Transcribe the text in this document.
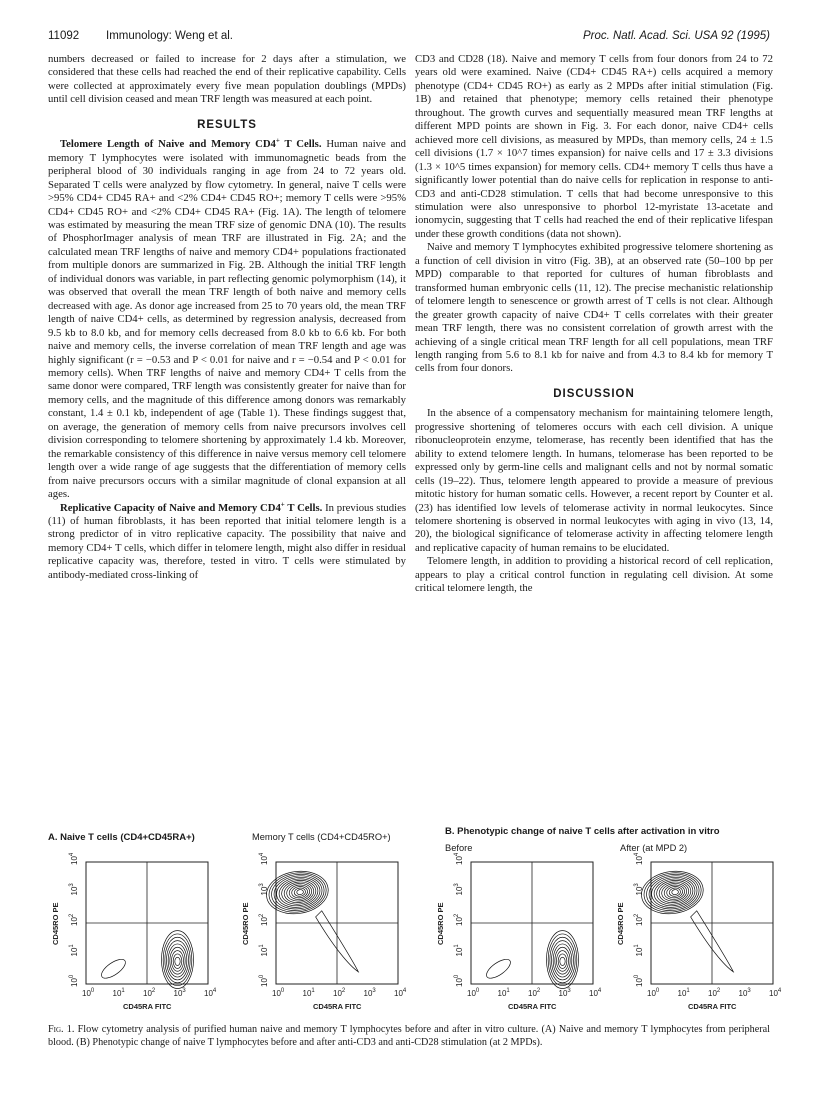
11092 Immunology: Weng et al.	Proc. Natl. Acad. Sci. USA 92 (1995)

numbers decreased or failed to increase for 2 days after a stimulation, we considered that these cells had reached the end of their replicative capability. Cells were collected at approximately every five mean population doublings (MPDs) until cell division ceased and mean TRF length was measured at each point.

RESULTS

Telomere Length of Naive and Memory CD4+ T Cells. Human naive and memory T lymphocytes were isolated with immunomagnetic beads from the peripheral blood of 30 individuals ranging in age from 24 to 72 years old. Separated T cells were analyzed by flow cytometry. In general, naive T cells were >95% CD4+ CD45 RA+ and <2% CD4+ CD45 RO+; memory T cells were >95% CD4+ CD45 RO+ and <2% CD4+ CD45 RA+ (Fig. 1A). The length of telomere was estimated by measuring the mean TRF size of genomic DNA (10). The results of PhosphorImager analysis of mean TRF are illustrated in Fig. 2A; and the calculated mean TRF lengths of naive and memory CD4+ populations fractionated from multiple donors are summarized in Fig. 2B. Although the initial TRF length of individual donors was variable, in part reflecting genomic polymorphism (14), it was observed that overall the mean TRF length of both naive and memory cells decreased with age. As donor age increased from 25 to 70 years old, the mean TRF length of naive CD4+ cells, as determined by regression analysis, decreased from 9.5 kb to 8.0 kb, and for memory cells decreased from 8.0 kb to 6.6 kb. For both naive and memory cells, the inverse correlation of mean TRF length and age was highly significant (r = −0.53 and P < 0.01 for naive and r = −0.54 and P < 0.01 for memory cells). When TRF lengths of naive and memory CD4+ T cells from the same donor were compared, TRF length was consistently greater for naive than for memory cells, and the magnitude of this difference among donors was remarkably constant, 1.4 ± 0.1 kb, independent of age (Table 1). These findings suggest that, on average, the generation of memory cells from naive precursors involves cell division corresponding to telomere shortening by approximately 1.4 kb. Moreover, the remarkable consistency of this difference in naive versus memory cell telomere length over a wide range of age suggests that the differentiation of memory cells from naive precursors occurs with a similar magnitude of clonal expansion at all ages.

Replicative Capacity of Naive and Memory CD4+ T Cells. In previous studies (11) of human fibroblasts, it has been reported that initial telomere length is a strong predictor of in vitro replicative capacity. The possibility that naive and memory CD4+ T cells, which differ in telomere length, might also differ in residual replicative capacity was, therefore, tested in vitro. T cells were stimulated by antibody-mediated cross-linking of

CD3 and CD28 (18). Naive and memory T cells from four donors from 24 to 72 years old were examined. Naive (CD4+ CD45 RA+) cells acquired a memory phenotype (CD4+ CD45 RO+) as early as 2 MPDs after initial stimulation (Fig. 1B) and retained that phenotype; memory cells retained their phenotype throughout. The growth curves and sequentially measured mean TRF lengths at different MPD points are shown in Fig. 3. For each donor, naive CD4+ cells achieved more cell divisions, as measured by MPDs, than memory cells, 24 ± 1.5 cell divisions (1.7 × 10^7 times expansion) for naive cells and 17 ± 3.3 divisions (1.3 × 10^5 times expansion) for memory cells. CD4+ memory T cells thus have a significantly lower potential than do naive cells for replication in response to anti-CD3 and anti-CD28 stimulation. T cells that had become unresponsive to this stimulation were also unresponsive to phorbol 12-myristate 13-acetate and ionomycin, suggesting that T cells had reached the end of their replicative lifespan under these growth conditions (data not shown).

Naive and memory T lymphocytes exhibited progressive telomere shortening as a function of cell division in vitro (Fig. 3B), at an observed rate (50–100 bp per MPD) comparable to that reported for cultures of human fibroblasts and transformed human embryonic cells (11, 12). The precise mechanistic relationship of telomere length to senescence or growth arrest of T cells is not clear. Although the greater growth capacity of naive CD4+ T cells correlates with their greater mean TRF length, there was no consistent correlation of growth arrest with the achieving of a single critical mean TRF length for all cell populations, mean TRF length ranging from 5.6 to 8.1 kb for naive and from 4.3 to 8.4 kb for memory T cells from four donors.

DISCUSSION

In the absence of a compensatory mechanism for maintaining telomere length, progressive shortening of telomeres occurs with each cell division. A unique ribonucleoprotein enzyme, telomerase, has recently been identified that has the ability to extend telomere length. In humans, telomerase has been reported to be expressed only by germ-line cells and malignant cells and not by normal somatic cells (19–22). Thus, telomere length appeared to provide a measure of previous mitotic history for human somatic cells. However, a recent report by Counter et al. (23) has identified low levels of telomerase activity in normal leukocytes. Since telomere shortening is observed in normal leukocytes with aging in vivo (13, 14, 20), the biological significance of telomerase activity in affecting telomere length and replicative capacity of human remains to be elucidated.

Telomere length, in addition to providing a historical record of cell replication, appears to play a critical control function in regulating cell division. At some critical telomere length, the

A. Naive T cells (CD4+CD45RA+)	Memory T cells (CD4+CD45RO+)	B. Phenotypic change of naive T cells after activation in vitro
Before	After (at MPD 2)
$10^0$
$10^0$
$10^1$
$10^1$
$10^2$
$10^2$
$10^3$
$10^3$
$10^4$
$10^4$
CD45RA FITC
CD45RO PE
$10^0$
$10^0$
$10^1$
$10^1$
$10^2$
$10^2$
$10^3$
$10^3$
$10^4$
$10^4$
CD45RA FITC
CD45RO PE
$10^0$
$10^0$
$10^1$
$10^1$
$10^2$
$10^2$
$10^3$
$10^3$
$10^4$
$10^4$
CD45RA FITC
CD45RO PE
$10^0$
$10^0$
$10^1$
$10^1$
$10^2$
$10^2$
$10^3$
$10^3$
$10^4$
$10^4$
CD45RA FITC
CD45RO PE
Fig. 1. Flow cytometry analysis of purified human naive and memory T lymphocytes before and after in vitro culture. (A) Naive and memory T lymphocytes from peripheral blood. (B) Phenotypic change of naive T lymphocytes before and after anti-CD3 and anti-CD28 stimulation (at 2 MPDs).
